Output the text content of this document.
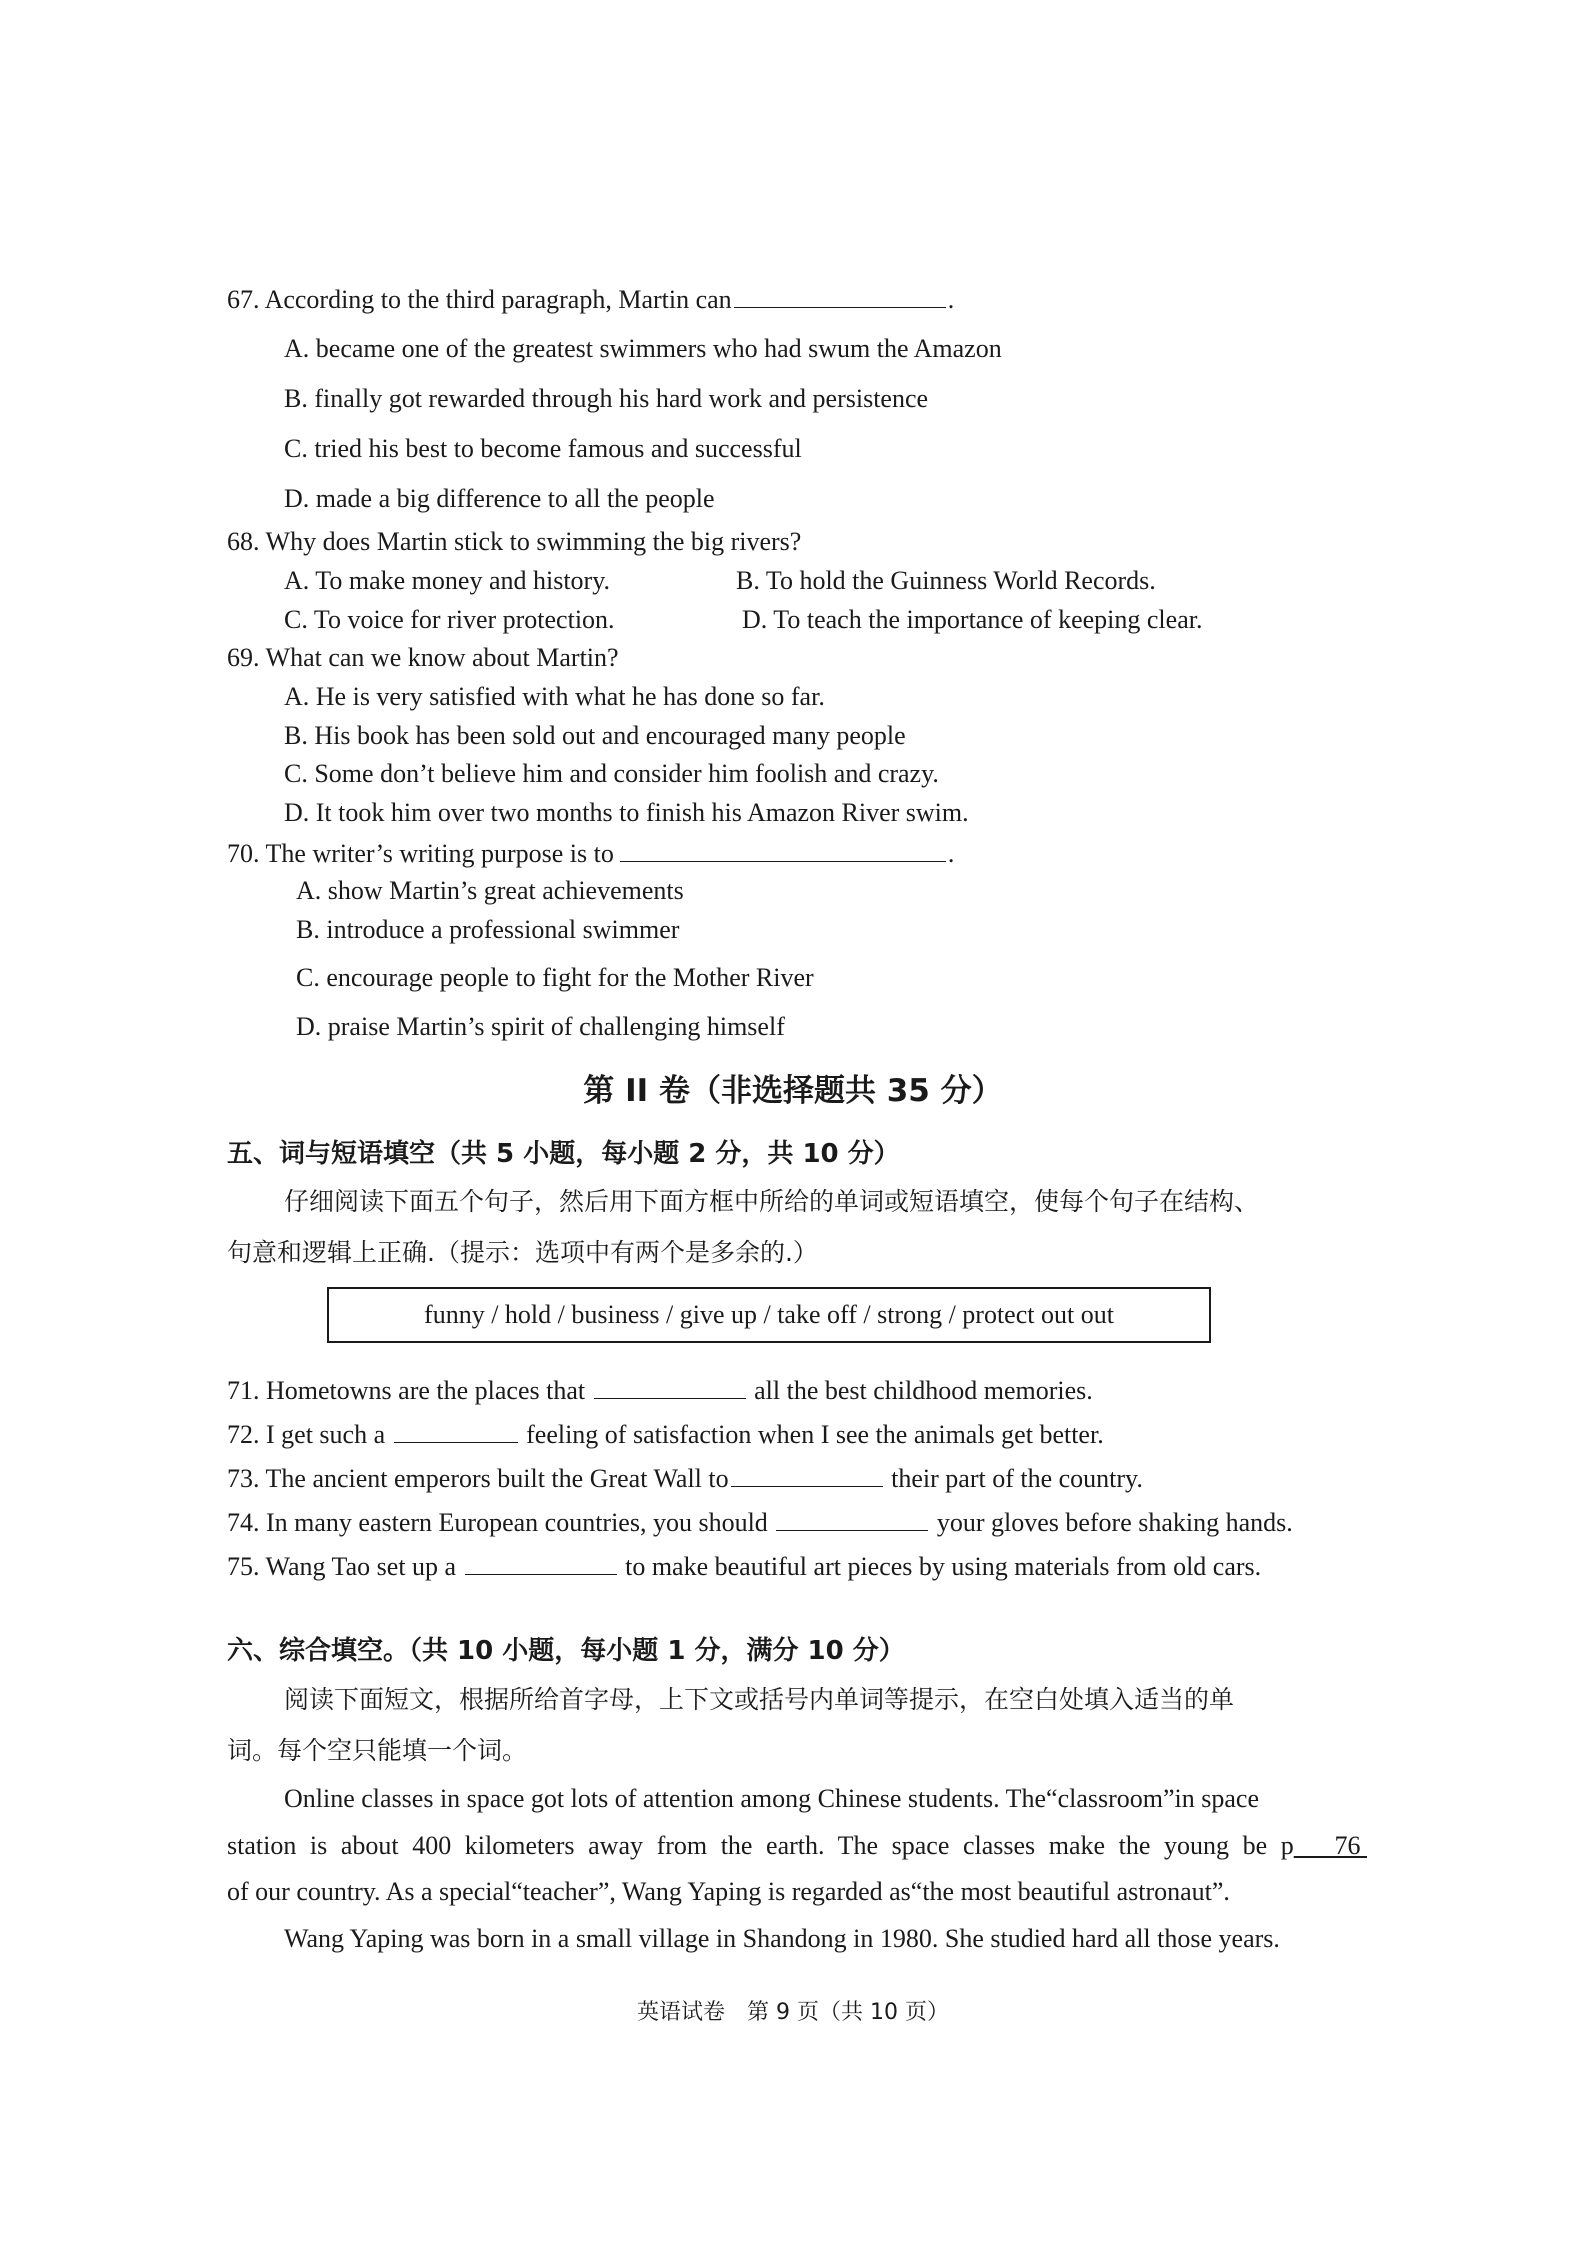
67. According to the third paragraph, Martin can	.
A. became one of the greatest swimmers who had swum the Amazon
B. finally got rewarded through his hard work and persistence
C. tried his best to become famous and successful
D. made a big difference to all the people
68. Why does Martin stick to swimming the big rivers?
A. To make money and history.	B. To hold the Guinness World Records.
C. To voice for river protection.	D. To teach the importance of keeping clear.
69. What can we know about Martin?
A. He is very satisfied with what he has done so far.
B. His book has been sold out and encouraged many people
C. Some don’t believe him and consider him foolish and crazy.
D. It took him over two months to finish his Amazon River swim.
70. The writer’s writing purpose is to	.
A. show Martin’s great achievements
B. introduce a professional swimmer
C. encourage people to fight for the Mother River
D. praise Martin’s spirit of challenging himself
第 II 卷（非选择题共 35 分）
五、词与短语填空（共 5 小题，每小题 2 分，共 10 分）
仔细阅读下面五个句子，然后用下面方框中所给的单词或短语填空，使每个句子在结构、
句意和逻辑上正确.（提示：选项中有两个是多余的.）
funny / hold / business / give up / take off / strong / protect out out
71. Hometowns are the places that	all the best childhood memories.
72. I get such a	feeling of satisfaction when I see the animals get better.
73. The ancient emperors built the Great Wall to	their part of the country.
74. In many eastern European countries, you should	your gloves before shaking hands.
75. Wang Tao set up a	to make beautiful art pieces by using materials from old cars.
六、综合填空。（共 10 小题，每小题 1 分，满分 10 分）
阅读下面短文，根据所给首字母，上下文或括号内单词等提示，在空白处填入适当的单
词。每个空只能填一个词。
Online classes in space got lots of attention among Chinese students. The“classroom”in space
station is about 400 kilometers away from the earth. The space classes make the young be p 76
of our country. As a special“teacher”, Wang Yaping is regarded as“the most beautiful astronaut”.
Wang Yaping was born in a small village in Shandong in 1980. She studied hard all those years.
英语试卷　第 9 页（共 10 页）
